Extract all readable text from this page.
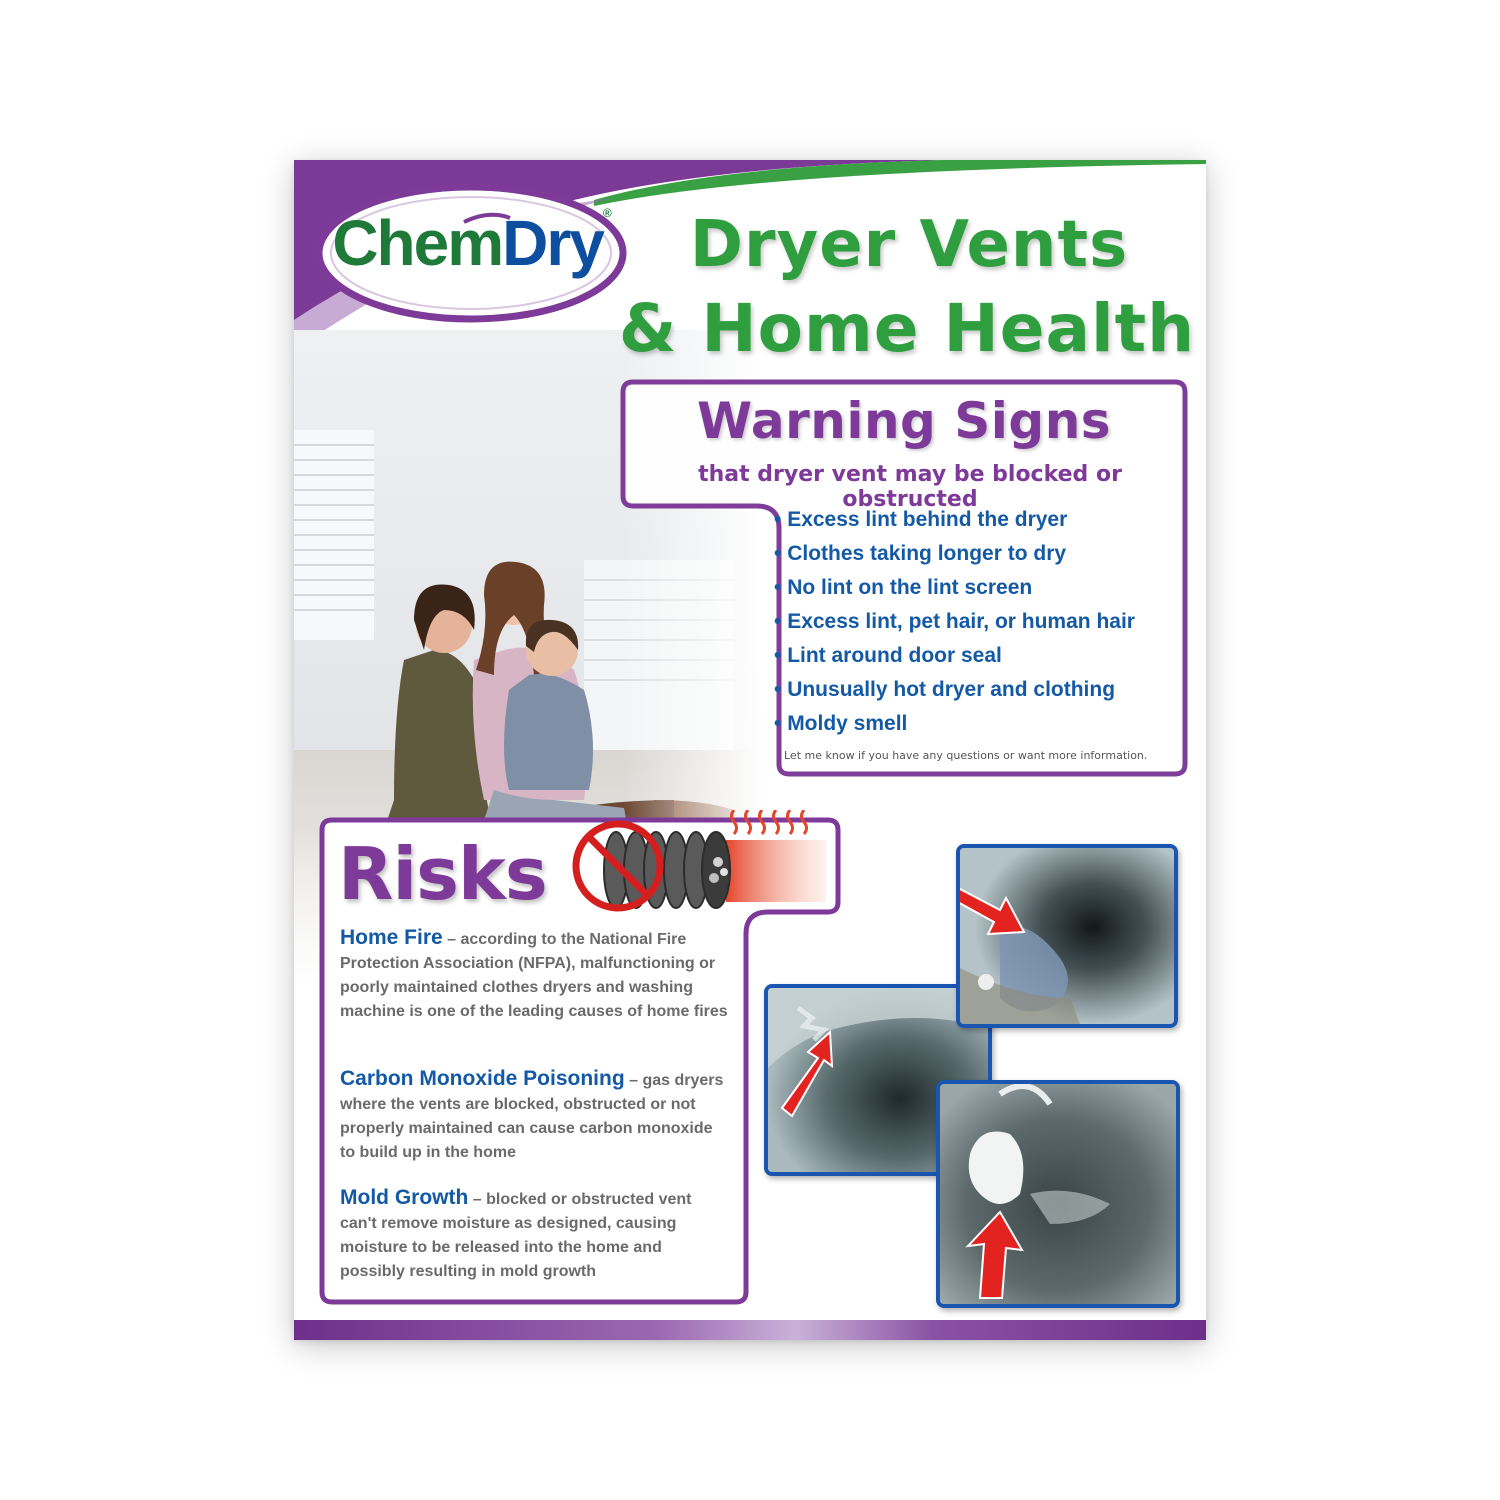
ChemDry®	Dryer Vents
& Home Health
Warning Signs
that dryer vent may be blocked or obstructed
• Excess lint behind the dryer
• Clothes taking longer to dry
• No lint on the lint screen
• Excess lint, pet hair, or human hair
• Lint around door seal
• Unusually hot dryer and clothing
• Moldy smell
Let me know if you have any questions or want more information.
Risks
Home Fire – according to the National Fire Protection Association (NFPA), malfunctioning or poorly maintained clothes dryers and washing machine is one of the leading causes of home fires
Carbon Monoxide Poisoning – gas dryers where the vents are blocked, obstructed or not properly maintained can cause carbon monoxide to build up in the home
Mold Growth – blocked or obstructed vent can't remove moisture as designed, causing moisture to be released into the home and possibly resulting in mold growth
